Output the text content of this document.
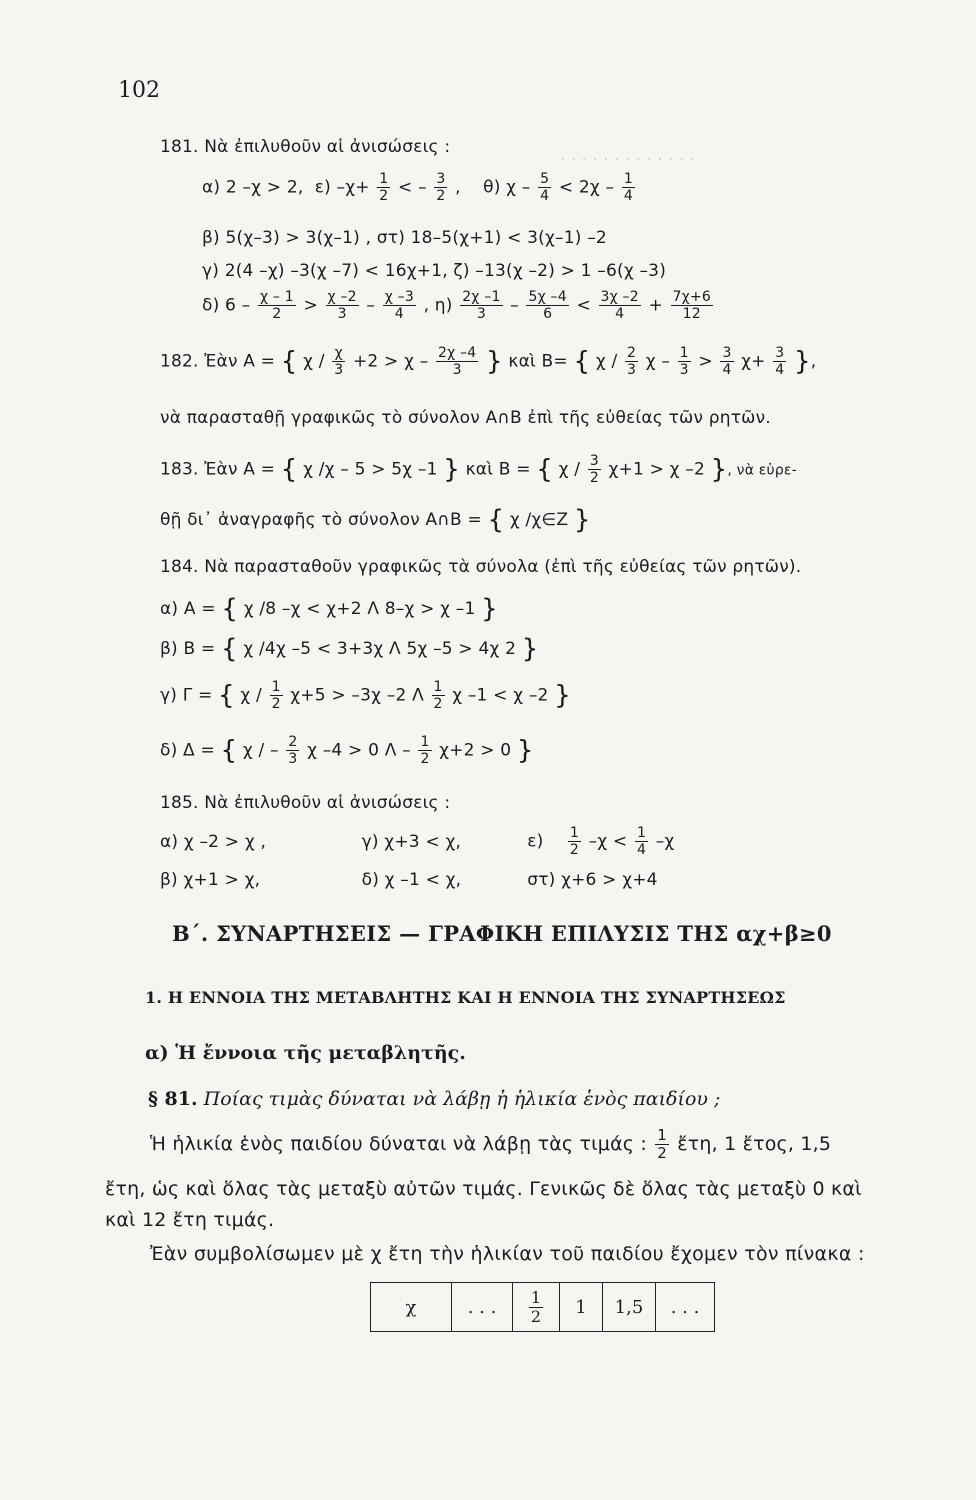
· · · · · · · · · · · · ·
102
181. Νὰ ἐπιλυθοῦν αἱ ἀνισώσεις :
α) 2 –χ > 2, ε) $-\chi+ \frac{1}{2}$ < – $\frac{3}{2}$ , θ) $\chi - \frac{5}{4} < 2\chi - \frac{1}{4}$
β) 5(χ–3) > 3(χ–1) , στ) 18–5(χ+1) < 3(χ–1) –2
γ) 2(4 –χ) –3(χ –7) < 16χ+1, ζ) –13(χ –2) > 1 –6(χ –3)
δ) $6 - \frac{\chi - 1}{2} > \frac{\chi -2}{3} - \frac{\chi -3}{4}$ , $\eta) \frac{2\chi -1}{3} - \frac{5\chi -4}{6} < \frac{3\chi -2}{4} + \frac{7\chi+6}{12}$
182. Ἐὰν A = { $\chi / \frac{\chi}{3} +2 > \chi - \frac{2\chi -4}{3}$ } καὶ B= { χ / $\frac{2}{3}$ $\chi - \frac{1}{3} > \frac{3}{4} \chi+ \frac{3}{4}$ },
νὰ παρασταθῇ γραφικῶς τὸ σύνολον A∩B ἐπὶ τῆς εὐθείας τῶν ρητῶν.
183. Ἐὰν A = { χ /χ – 5 > 5χ –1 } καὶ B = { $\chi / \frac{3}{2} \chi+1 > \chi$ –2 }, νὰ εὑρε-
θῇ δι᾽ ἀναγραφῆς τὸ σύνολον A∩B = { χ /χ∈Z }
184. Νὰ παρασταθοῦν γραφικῶς τὰ σύνολα (ἐπὶ τῆς εὐθείας τῶν ρητῶν).
α) A = { χ /8 –χ < χ+2 Λ 8–χ > χ –1 }
β) B = { χ /4χ –5 < 3+3χ Λ 5χ –5 > 4χ 2 }
γ) Γ = { $\chi / \frac{1}{2} \chi+5 > -3\chi$ –2 Λ $\frac{1}{2}$ χ –1 < χ –2 }
δ) Δ = { χ / – $\frac{2}{3}$ χ –4 > 0 $\Lambda - \frac{1}{2} \chi+2 > 0$ }
185. Νὰ ἐπιλυθοῦν αἱ ἀνισώσεις :
α) χ –2 > χ ,	γ) χ+3 < χ,	$\varepsilon) \frac{1}{2} -\chi < \frac{1}{4} -\chi$
β) χ+1 > χ,	δ) χ –1 < χ,	στ) χ+6 > χ+4
Β΄. ΣΥΝΑΡΤΗΣΕΙΣ — ΓΡΑΦΙΚΗ ΕΠΙΛΥΣΙΣ ΤΗΣ αχ+β≥0
1. Η ΕΝΝΟΙΑ ΤΗΣ ΜΕΤΑΒΛΗΤΗΣ ΚΑΙ Η ΕΝΝΟΙΑ ΤΗΣ ΣΥΝΑΡΤΗΣΕΩΣ
α) Ἡ ἔννοια τῆς μεταβλητῆς.
§ 81. Ποίας τιμὰς δύναται νὰ λάβῃ ἡ ἡλικία ἑνὸς παιδίου ;
Ἡ ἡλικία ἑνὸς παιδίου δύναται νὰ λάβῃ τὰς τιμάς : $\frac{1}{2}$ ἔτη, 1 ἔτος, 1,5
ἔτη, ὡς καὶ ὅλας τὰς μεταξὺ αὐτῶν τιμάς. Γενικῶς δὲ ὅλας τὰς μεταξὺ 0 καὶ
καὶ 12 ἔτη τιμάς.
Ἐὰν συμβολίσωμεν μὲ χ ἔτη τὴν ἡλικίαν τοῦ παιδίου ἔχομεν τὸν πίνακα :
χ	. . .	$\frac{1}{2}$	1	1,5	. . .
